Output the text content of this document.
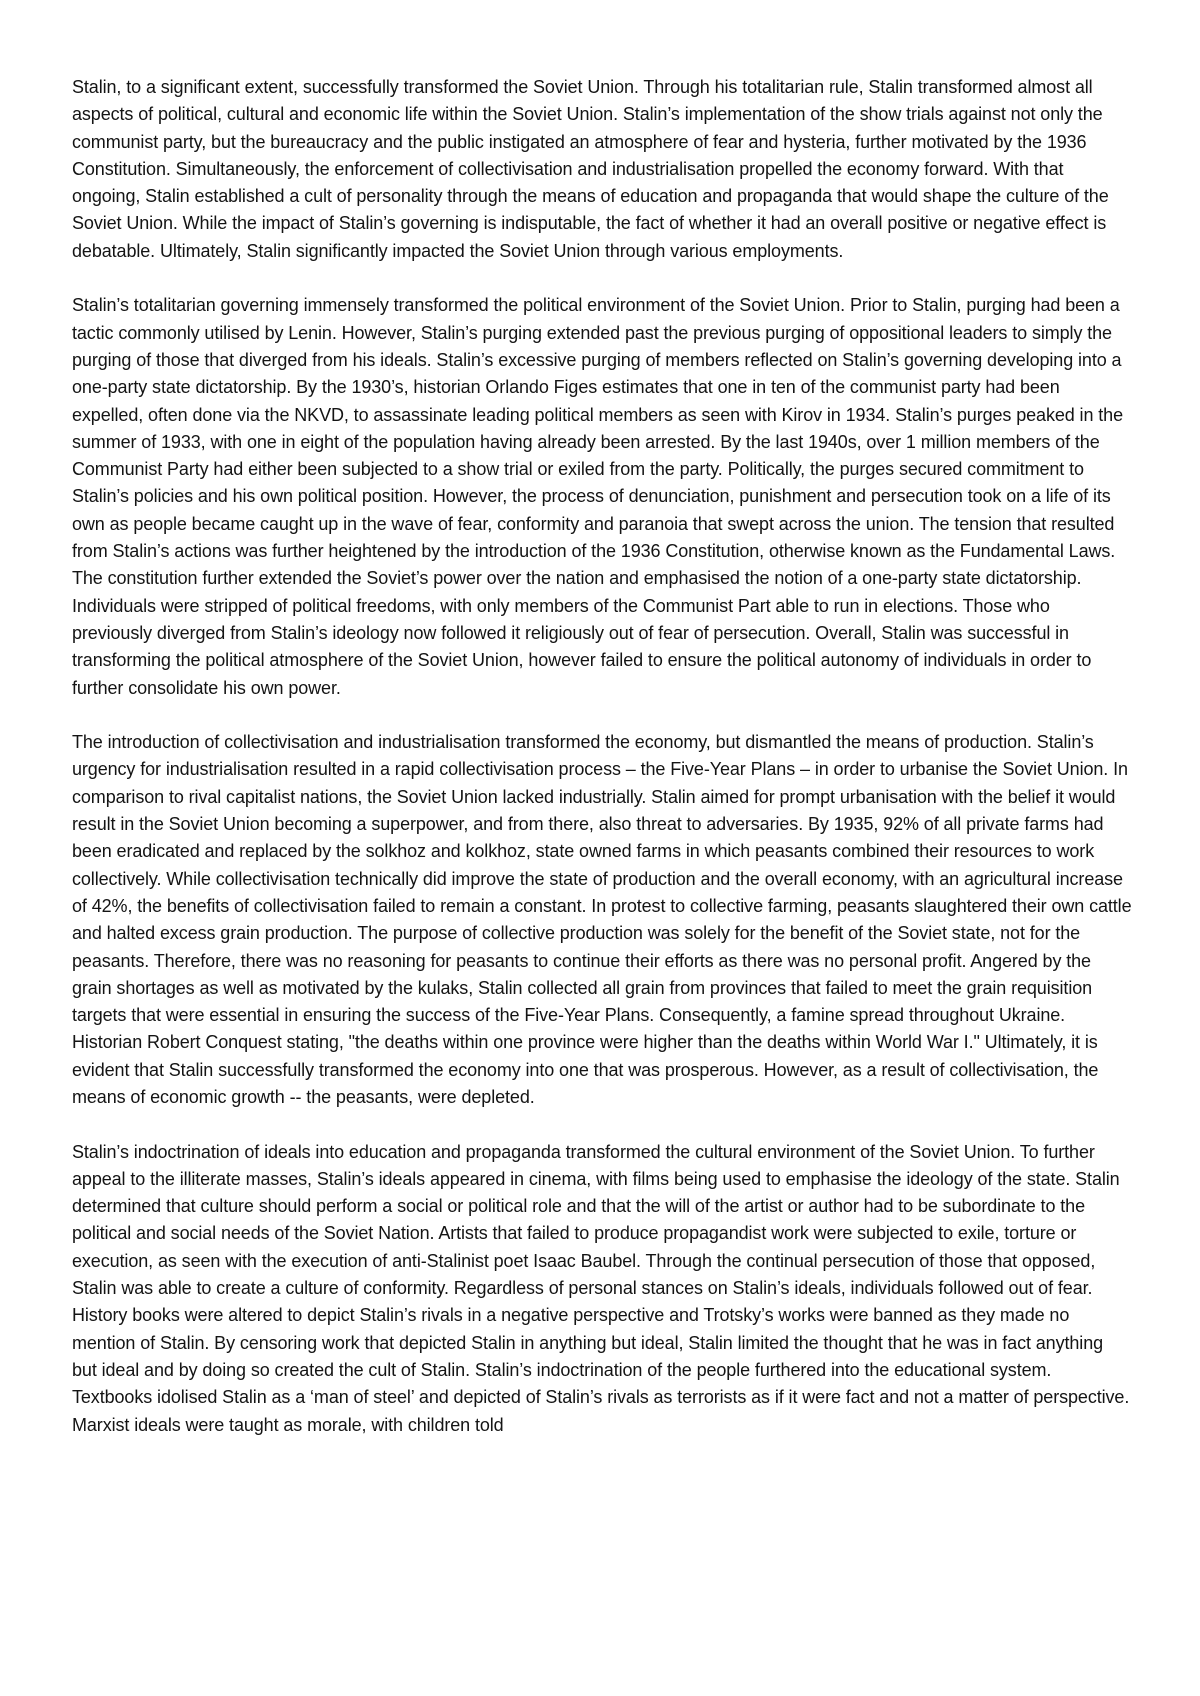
Stalin, to a significant extent, successfully transformed the Soviet Union. Through his totalitarian rule, Stalin transformed almost all aspects of political, cultural and economic life within the Soviet Union. Stalin’s implementation of the show trials against not only the communist party, but the bureaucracy and the public instigated an atmosphere of fear and hysteria, further motivated by the 1936 Constitution. Simultaneously, the enforcement of collectivisation and industrialisation propelled the economy forward. With that ongoing, Stalin established a cult of personality through the means of education and propaganda that would shape the culture of the Soviet Union. While the impact of Stalin’s governing is indisputable, the fact of whether it had an overall positive or negative effect is debatable. Ultimately, Stalin significantly impacted the Soviet Union through various employments.

Stalin’s totalitarian governing immensely transformed the political environment of the Soviet Union. Prior to Stalin, purging had been a tactic commonly utilised by Lenin. However, Stalin’s purging extended past the previous purging of oppositional leaders to simply the purging of those that diverged from his ideals. Stalin’s excessive purging of members reflected on Stalin’s governing developing into a one-party state dictatorship. By the 1930’s, historian Orlando Figes estimates that one in ten of the communist party had been expelled, often done via the NKVD, to assassinate leading political members as seen with Kirov in 1934. Stalin’s purges peaked in the summer of 1933, with one in eight of the population having already been arrested. By the last 1940s, over 1 million members of the Communist Party had either been subjected to a show trial or exiled from the party. Politically, the purges secured commitment to Stalin’s policies and his own political position. However, the process of denunciation, punishment and persecution took on a life of its own as people became caught up in the wave of fear, conformity and paranoia that swept across the union. The tension that resulted from Stalin’s actions was further heightened by the introduction of the 1936 Constitution, otherwise known as the Fundamental Laws. The constitution further extended the Soviet’s power over the nation and emphasised the notion of a one-party state dictatorship. Individuals were stripped of political freedoms, with only members of the Communist Part able to run in elections. Those who previously diverged from Stalin’s ideology now followed it religiously out of fear of persecution. Overall, Stalin was successful in transforming the political atmosphere of the Soviet Union, however failed to ensure the political autonomy of individuals in order to further consolidate his own power.

The introduction of collectivisation and industrialisation transformed the economy, but dismantled the means of production. Stalin’s urgency for industrialisation resulted in a rapid collectivisation process – the Five-Year Plans – in order to urbanise the Soviet Union. In comparison to rival capitalist nations, the Soviet Union lacked industrially. Stalin aimed for prompt urbanisation with the belief it would result in the Soviet Union becoming a superpower, and from there, also threat to adversaries. By 1935, 92% of all private farms had been eradicated and replaced by the solkhoz and kolkhoz, state owned farms in which peasants combined their resources to work collectively. While collectivisation technically did improve the state of production and the overall economy, with an agricultural increase of 42%, the benefits of collectivisation failed to remain a constant. In protest to collective farming, peasants slaughtered their own cattle and halted excess grain production. The purpose of collective production was solely for the benefit of the Soviet state, not for the peasants. Therefore, there was no reasoning for peasants to continue their efforts as there was no personal profit. Angered by the grain shortages as well as motivated by the kulaks, Stalin collected all grain from provinces that failed to meet the grain requisition targets that were essential in ensuring the success of the Five-Year Plans. Consequently, a famine spread throughout Ukraine. Historian Robert Conquest stating, "the deaths within one province were higher than the deaths within World War I." Ultimately, it is evident that Stalin successfully transformed the economy into one that was prosperous. However, as a result of collectivisation, the means of economic growth -- the peasants, were depleted.

Stalin’s indoctrination of ideals into education and propaganda transformed the cultural environment of the Soviet Union. To further appeal to the illiterate masses, Stalin’s ideals appeared in cinema, with films being used to emphasise the ideology of the state. Stalin determined that culture should perform a social or political role and that the will of the artist or author had to be subordinate to the political and social needs of the Soviet Nation. Artists that failed to produce propagandist work were subjected to exile, torture or execution, as seen with the execution of anti-Stalinist poet Isaac Baubel. Through the continual persecution of those that opposed, Stalin was able to create a culture of conformity. Regardless of personal stances on Stalin’s ideals, individuals followed out of fear. History books were altered to depict Stalin’s rivals in a negative perspective and Trotsky’s works were banned as they made no mention of Stalin. By censoring work that depicted Stalin in anything but ideal, Stalin limited the thought that he was in fact anything but ideal and by doing so created the cult of Stalin. Stalin’s indoctrination of the people furthered into the educational system. Textbooks idolised Stalin as a ‘man of steel’ and depicted of Stalin’s rivals as terrorists as if it were fact and not a matter of perspective. Marxist ideals were taught as morale, with children told
